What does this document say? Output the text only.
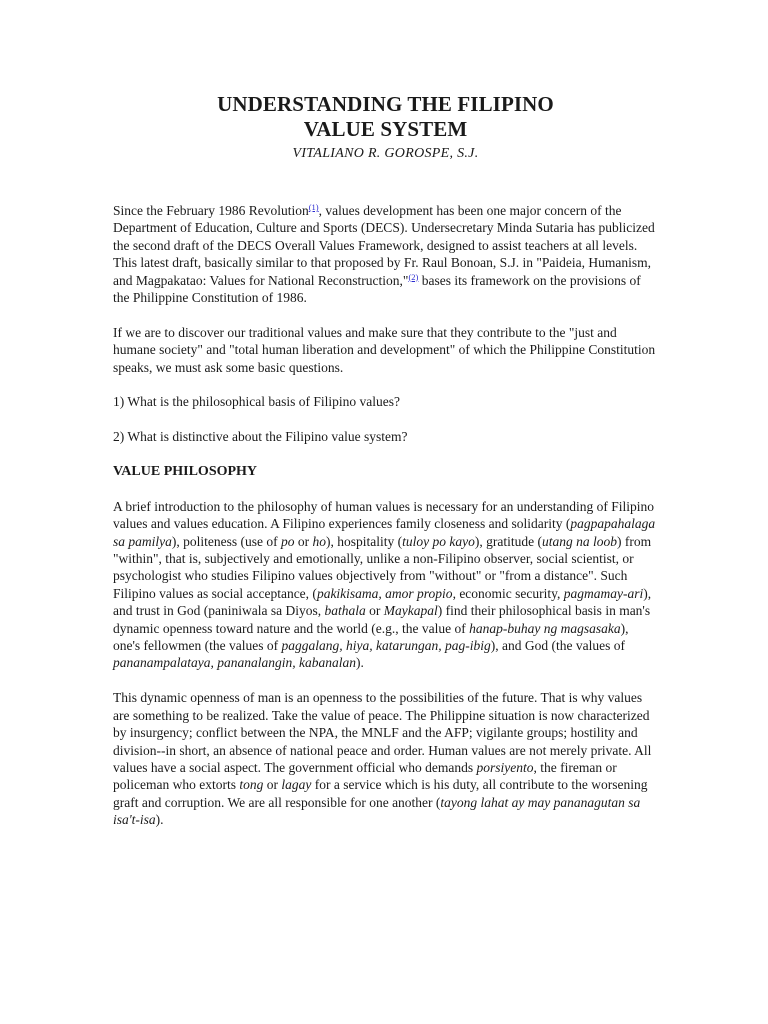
UNDERSTANDING THE FILIPINO
VALUE SYSTEM
VITALIANO R. GOROSPE, S.J.

Since the February 1986 Revolution$^{(1)}$, values development has been one major concern of the Department of Education, Culture and Sports (DECS). Undersecretary Minda Sutaria has publicized the second draft of the DECS Overall Values Framework, designed to assist teachers at all levels. This latest draft, basically similar to that proposed by Fr. Raul Bonoan, S.J. in "Paideia, Humanism, and Magpakatao: Values for National Reconstruction,"$^{(2)}$ bases its framework on the provisions of the Philippine Constitution of 1986.

If we are to discover our traditional values and make sure that they contribute to the "just and humane society" and "total human liberation and development" of which the Philippine Constitution speaks, we must ask some basic questions.

1) What is the philosophical basis of Filipino values?

2) What is distinctive about the Filipino value system?

VALUE PHILOSOPHY

A brief introduction to the philosophy of human values is necessary for an understanding of Filipino values and values education. A Filipino experiences family closeness and solidarity (pagpapahalaga sa pamilya), politeness (use of po or ho), hospitality (tuloy po kayo), gratitude (utang na loob) from "within", that is, subjectively and emotionally, unlike a non-Filipino observer, social scientist, or psychologist who studies Filipino values objectively from "without" or "from a distance". Such Filipino values as social acceptance, (pakikisama, amor propio, economic security, pagmamay-ari), and trust in God (paniniwala sa Diyos, bathala or Maykapal) find their philosophical basis in man's dynamic openness toward nature and the world (e.g., the value of hanap-buhay ng magsasaka), one's fellowmen (the values of paggalang, hiya, katarungan, pag-ibig), and God (the values of pananampalataya, pananalangin, kabanalan).

This dynamic openness of man is an openness to the possibilities of the future. That is why values are something to be realized. Take the value of peace. The Philippine situation is now characterized by insurgency; conflict between the NPA, the MNLF and the AFP; vigilante groups; hostility and division--in short, an absence of national peace and order. Human values are not merely private. All values have a social aspect. The government official who demands porsiyento, the fireman or policeman who extorts tong or lagay for a service which is his duty, all contribute to the worsening graft and corruption. We are all responsible for one another (tayong lahat ay may pananagutan sa isa't-isa).
